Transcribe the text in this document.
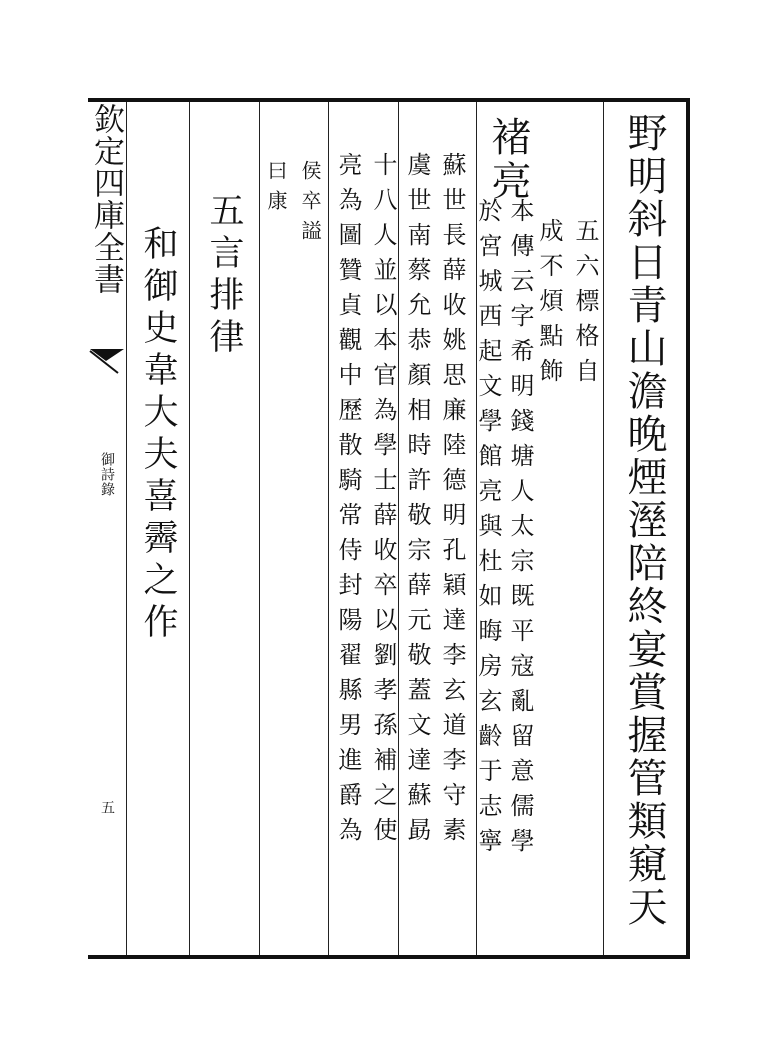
野明斜日青山澹晚煙溼陪終宴賞握管類窺天
五六標格自
成不煩點飾
褚亮
本傳云字希明錢塘人太宗既平寇亂留意儒學
於宮城西起文學館亮與杜如晦房玄齡于志寧
蘇世長薛收姚思廉陸德明孔穎達李玄道李守素
虞世南蔡允恭顏相時許敬宗薛元敬蓋文達蘇勗
十八人並以本官為學士薛收卒以劉孝孫補之使
亮為圖贊貞觀中歷散騎常侍封陽翟縣男進爵為
侯卒謚
曰康
五言排律
和御史韋大夫喜霽之作
欽定四庫全書
御詩錄
五
